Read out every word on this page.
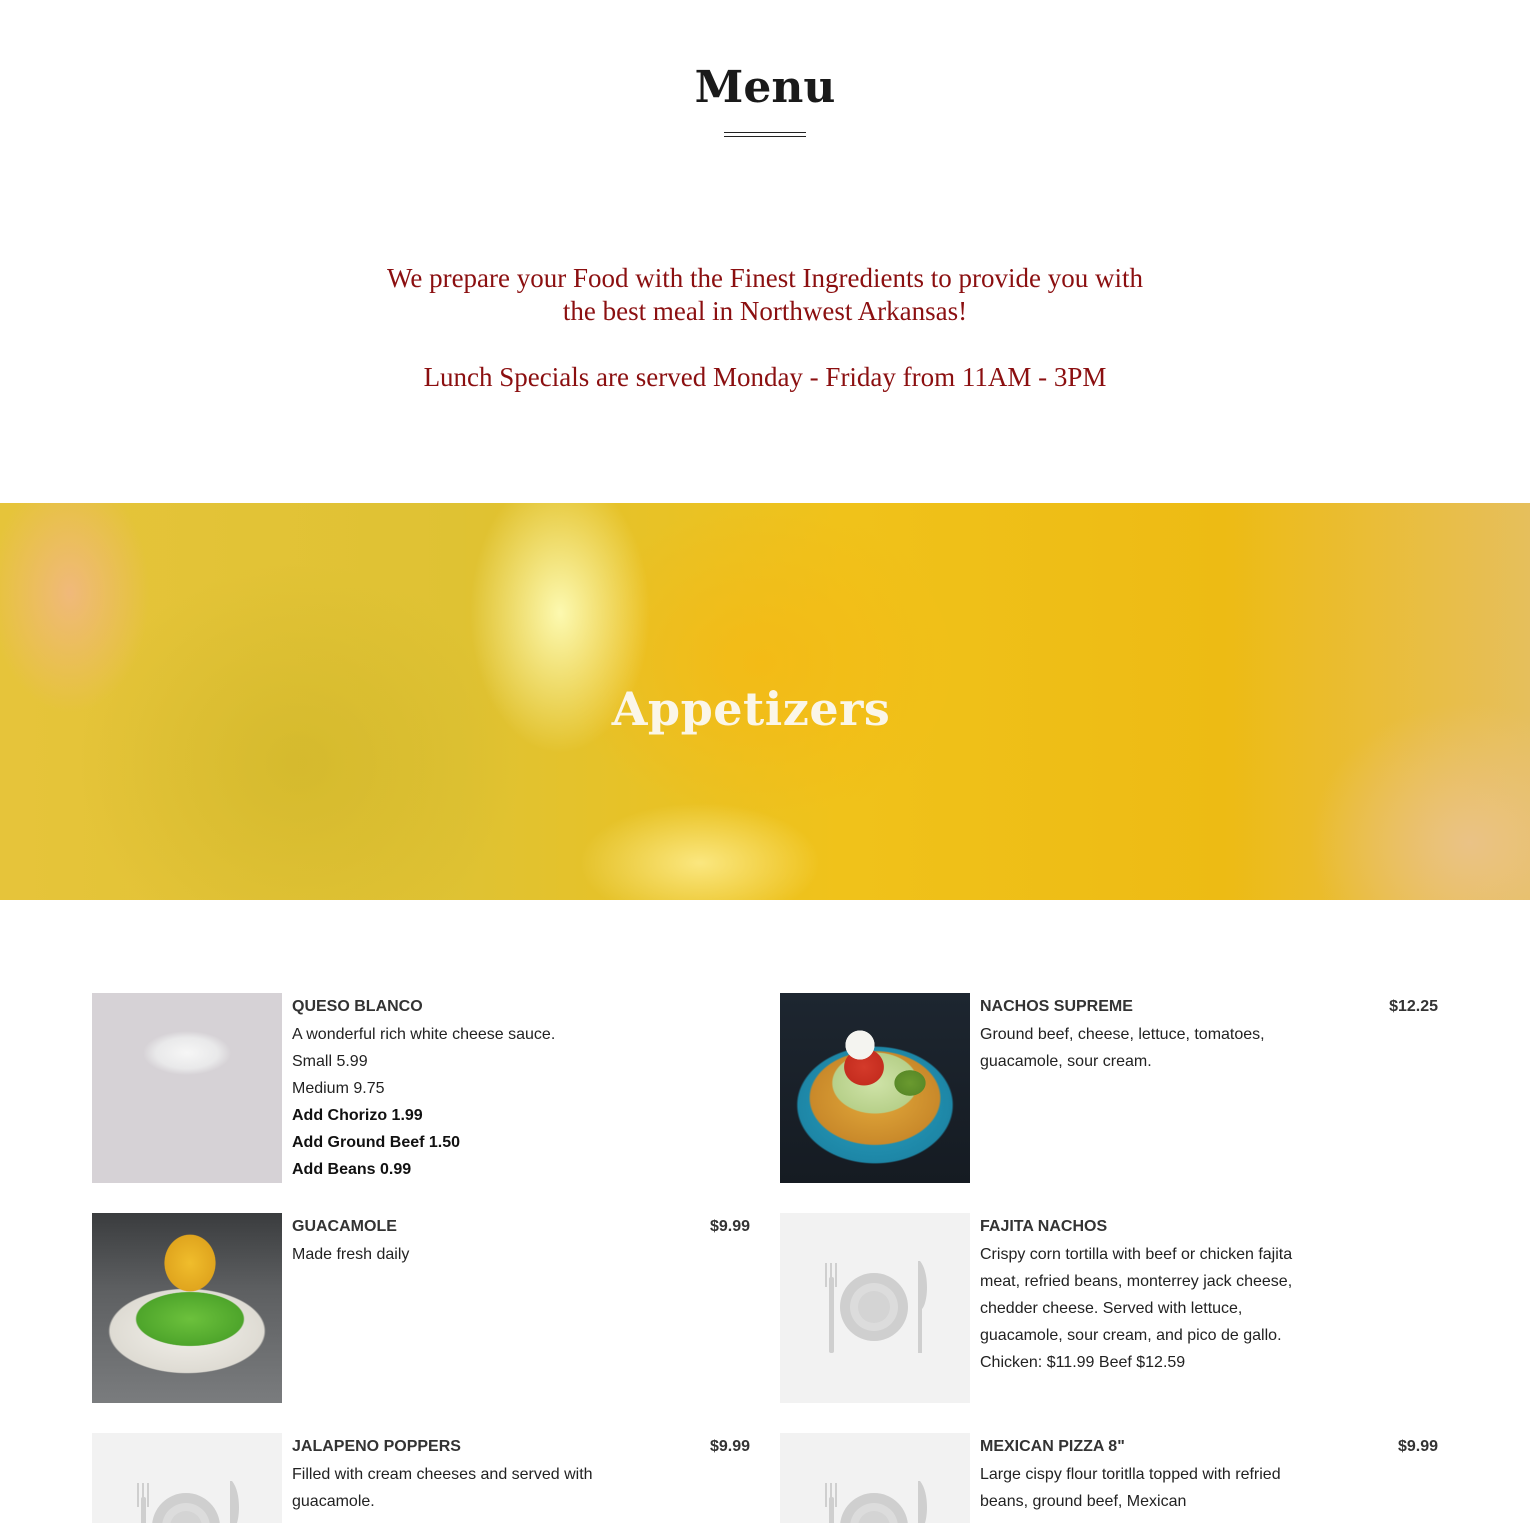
Menu

We prepare your Food with the Finest Ingredients to provide you with the best meal in Northwest Arkansas!

Lunch Specials are served Monday - Friday from 11AM - 3PM

Appetizers
QUESO BLANCO
A wonderful rich white cheese sauce.
Small 5.99
Medium 9.75
Add Chorizo 1.99
Add Ground Beef 1.50
Add Beans 0.99
NACHOS SUPREME	$12.25
Ground beef, cheese, lettuce, tomatoes, guacamole, sour cream.
GUACAMOLE	$9.99
Made fresh daily
FAJITA NACHOS
Crispy corn tortilla with beef or chicken fajita meat, refried beans, monterrey jack cheese, chedder cheese. Served with lettuce, guacamole, sour cream, and pico de gallo.
Chicken: $11.99 Beef $12.59
JALAPENO POPPERS	$9.99
Filled with cream cheeses and served with guacamole.
MEXICAN PIZZA 8"	$9.99
Large cispy flour toritlla topped with refried beans, ground beef, Mexican
